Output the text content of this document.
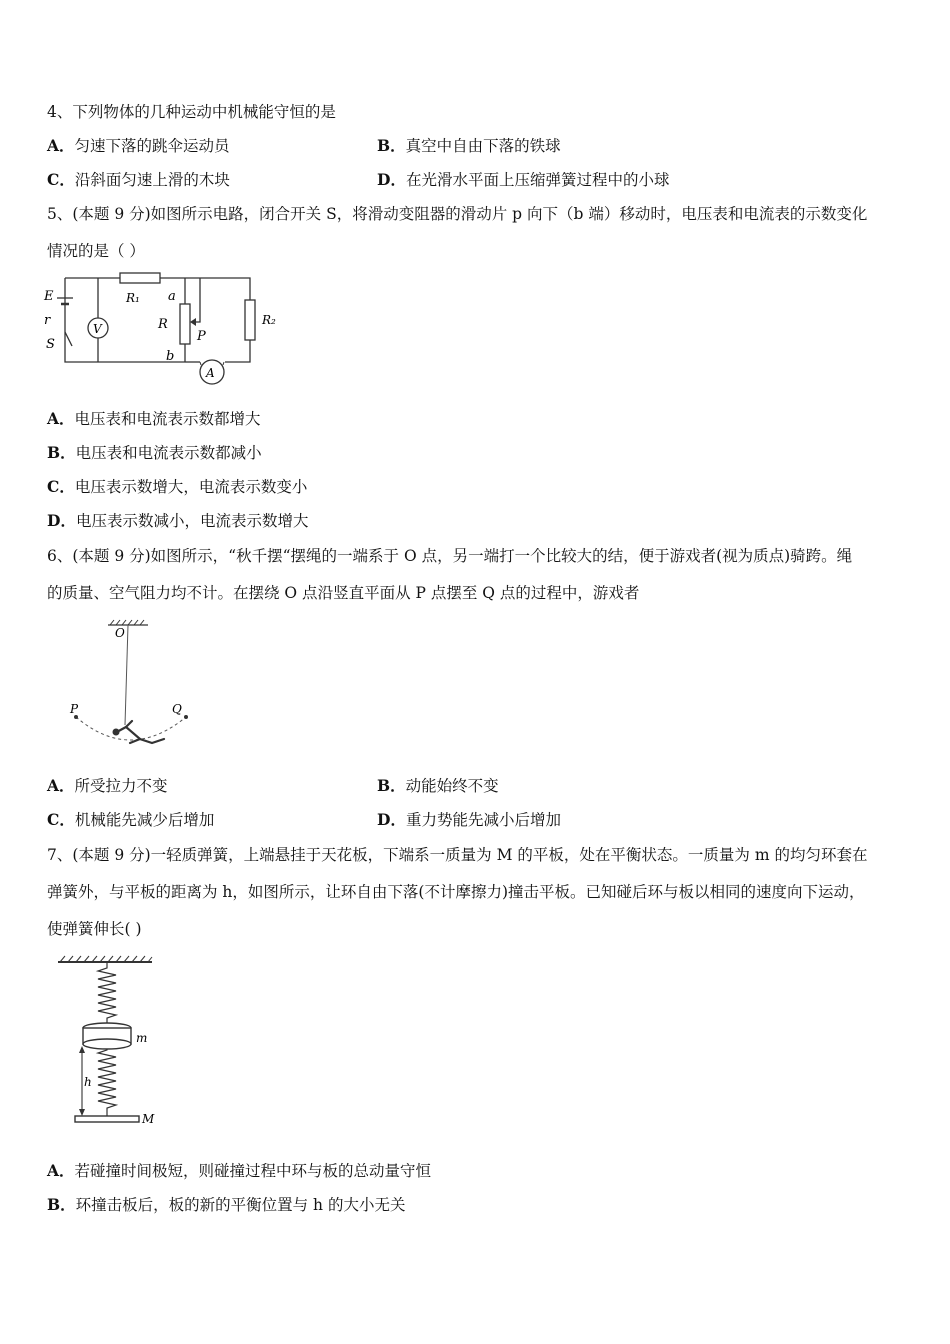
4、下列物体的几种运动中机械能守恒的是
A．匀速下落的跳伞运动员	B．真空中自由下落的铁球
C．沿斜面匀速上滑的木块	D．在光滑水平面上压缩弹簧过程中的小球
5、(本题 9 分)如图所示电路，闭合开关 S，将滑动变阻器的滑动片 p 向下（b 端）移动时，电压表和电流表的示数变化
情况的是（ ）
E
r
S
R₁ a
R
P
R₂
b
V
A
A．电压表和电流表示数都增大
B．电压表和电流表示数都减小
C．电压表示数增大，电流表示数变小
D．电压表示数减小，电流表示数增大
6、(本题 9 分)如图所示，“秋千摆“摆绳的一端系于 O 点，另一端打一个比较大的结，便于游戏者(视为质点)骑跨。绳
的质量、空气阻力均不计。在摆绕 O 点沿竖直平面从 P 点摆至 Q 点的过程中，游戏者
O
P	Q
A．所受拉力不变	B．动能始终不变
C．机械能先减少后增加	D．重力势能先减小后增加
7、(本题 9 分)一轻质弹簧，上端悬挂于天花板，下端系一质量为 M 的平板，处在平衡状态。一质量为 m 的均匀环套在
弹簧外，与平板的距离为 h，如图所示，让环自由下落(不计摩擦力)撞击平板。已知碰后环与板以相同的速度向下运动，
使弹簧伸长( )
m
h
M
A．若碰撞时间极短，则碰撞过程中环与板的总动量守恒
B．环撞击板后，板的新的平衡位置与 h 的大小无关
